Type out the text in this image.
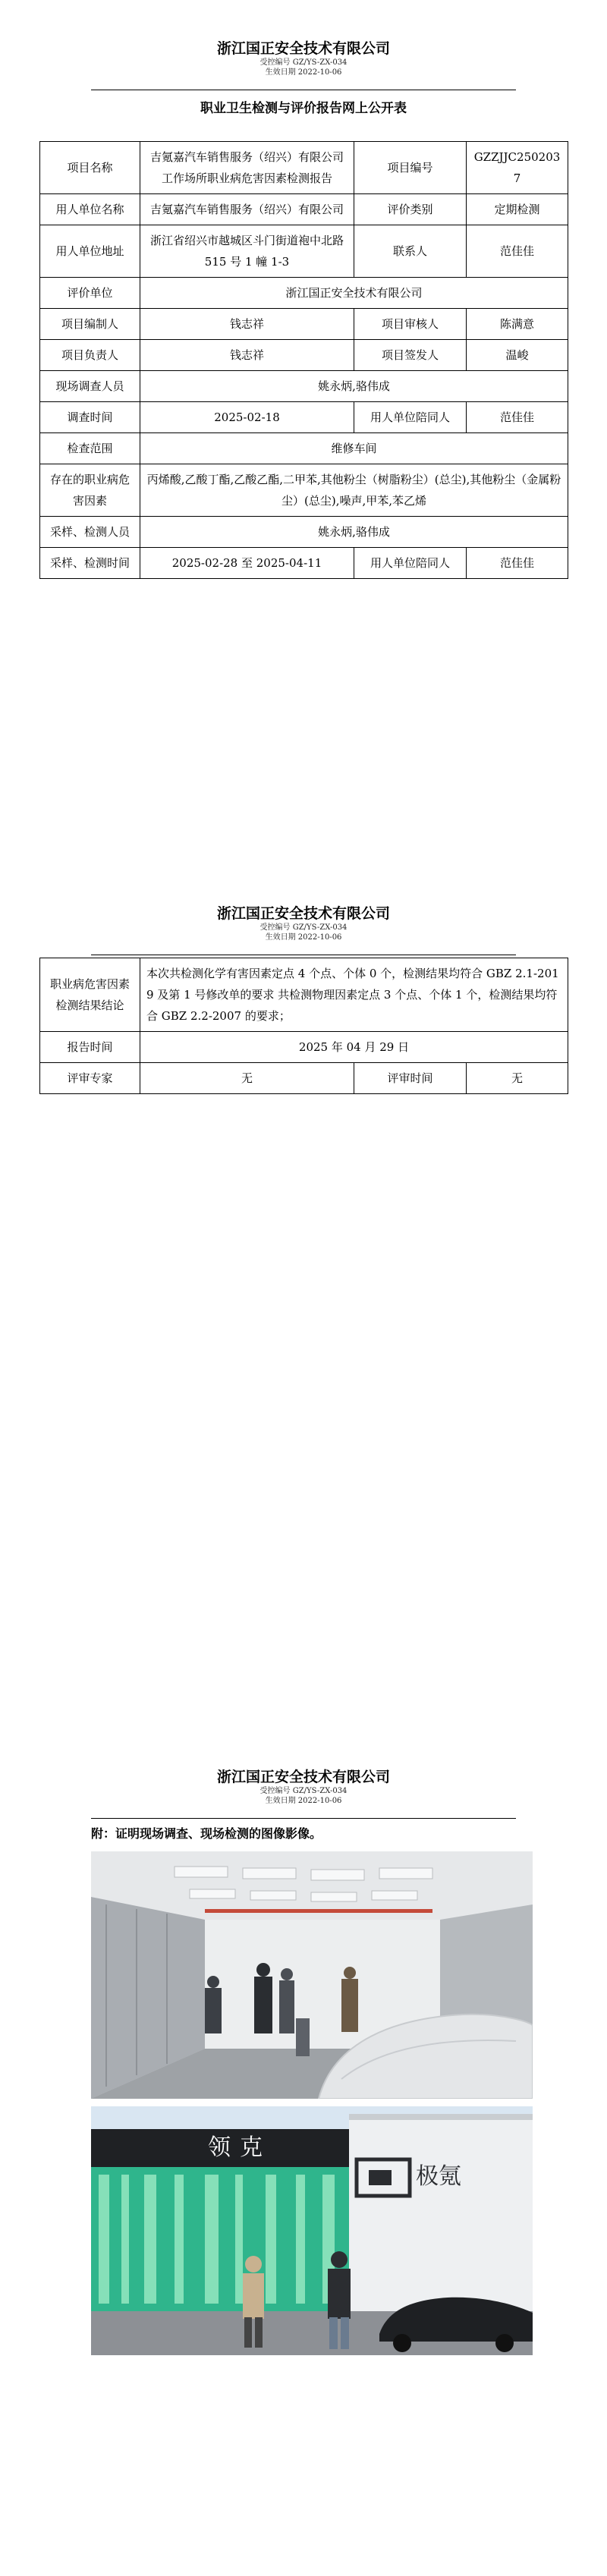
浙江国正安全技术有限公司
受控编号 GZ/YS-ZX-034
生效日期 2022-10-06
职业卫生检测与评价报告网上公开表
项目名称	吉氪嘉汽车销售服务（绍兴）有限公司工作场所职业病危害因素检测报告	项目编号	GZZJJC2502037
用人单位名称	吉氪嘉汽车销售服务（绍兴）有限公司	评价类别	定期检测
用人单位地址	浙江省绍兴市越城区斗门街道袍中北路 515 号 1 幢 1-3	联系人	范佳佳
评价单位	浙江国正安全技术有限公司		
项目编制人	钱志祥	项目审核人	陈满意
项目负责人	钱志祥	项目签发人	温峻
现场调查人员	姚永炳,骆伟成		
调查时间	2025-02-18	用人单位陪同人	范佳佳
检查范围	维修车间		
存在的职业病危害因素	丙烯酸,乙酸丁酯,乙酸乙酯,二甲苯,其他粉尘（树脂粉尘）(总尘),其他粉尘（金属粉尘）(总尘),噪声,甲苯,苯乙烯		
采样、检测人员	姚永炳,骆伟成		
采样、检测时间	2025-02-28 至 2025-04-11	用人单位陪同人	范佳佳
浙江国正安全技术有限公司
受控编号 GZ/YS-ZX-034
生效日期 2022-10-06
职业病危害因素检测结果结论	本次共检测化学有害因素定点 4 个点、个体 0 个，检测结果均符合 GBZ 2.1-2019 及第 1 号修改单的要求 共检测物理因素定点 3 个点、个体 1 个，检测结果均符合 GBZ 2.2-2007 的要求；		
报告时间	2025 年 04 月 29 日		
评审专家	无	评审时间	无
浙江国正安全技术有限公司
受控编号 GZ/YS-ZX-034
生效日期 2022-10-06
附：证明现场调查、现场检测的图像影像。
领克
极氪
